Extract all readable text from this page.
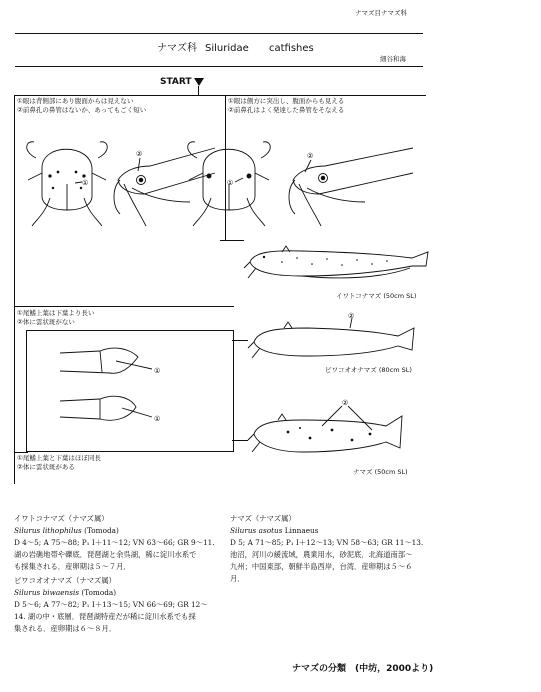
ナマズ目ナマズ科
ナマズ科 Siluridae catfishes
細谷和海
START
①眼は背側部にあり腹面からは見えない
②前鼻孔の鼻管はないか、あってもごく短い
①眼は側方に突出し、腹面からも見える
②前鼻孔はよく発達した鼻管をそなえる
①
②	②
①
イワトコナマズ (50cm SL)
①尾鰭上葉は下葉より長い
②体に雲状斑がない
①
①
②
ビワコオオナマズ (80cm SL)
②
ナマズ (50cm SL)
①尾鰭上葉と下葉はほぼ同長
②体に雲状斑がある
イワトコナマズ（ナマズ属）
Silurus lithophilus (Tomoda)
D 4～5; A 75～88; P₁ I＋11～12; VN 63～66; GR 9～11.
湖の岩礁地帯や礫底．琵琶湖と余呉湖，稀に淀川水系で
も採集される．産卵期は５～７月．
ビワコオオナマズ（ナマズ属）
Silurus biwaensis (Tomoda)
D 5～6; A 77～82; P₁ I＋13～15; VN 66～69; GR 12～
14. 湖の中・底層．琵琶湖特産だが稀に淀川水系でも採
集される．産卵期は６～８月．
ナマズ（ナマズ属）
Silurus asotus Linnaeus
D 5; A 71～85; P₁ I＋12～13; VN 58～63; GR 11～13.
池沼，河川の緩流域，農業用水，砂泥底．北海道南部～
九州；中国東部，朝鮮半島西岸，台湾．産卵期は５～６
月．
ナマズの分類　(中坊，2000より)
